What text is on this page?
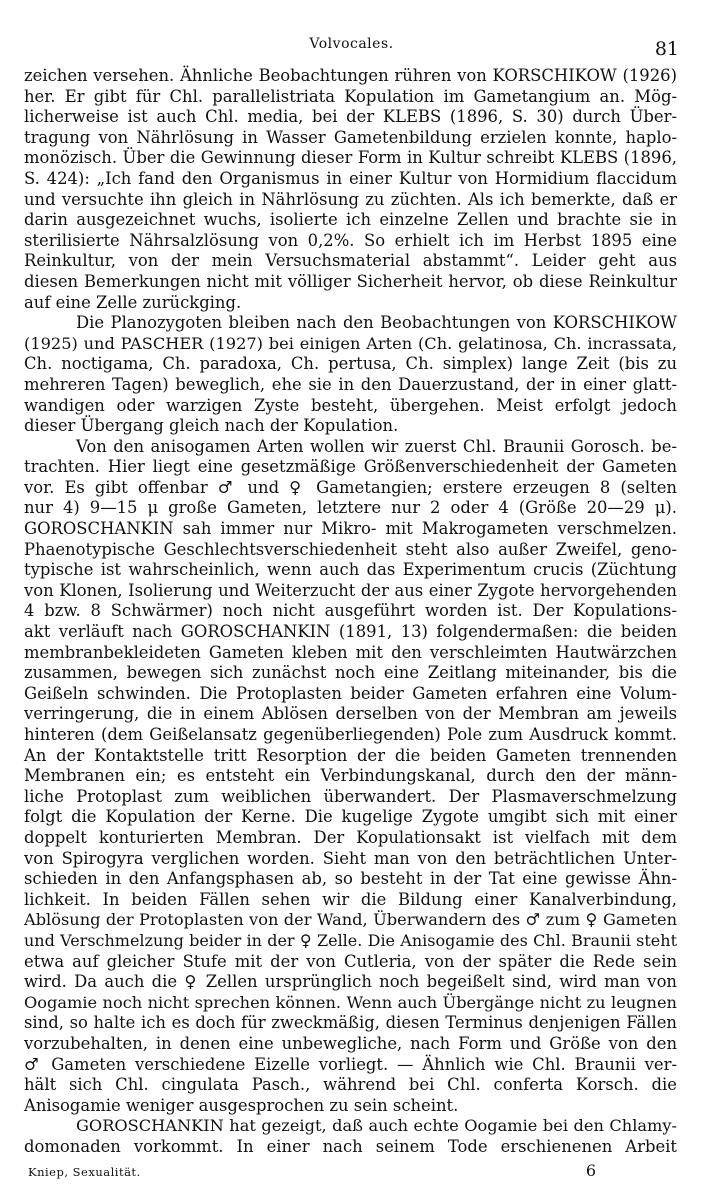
Volvocales.	81
zeichen versehen. Ähnliche Beobachtungen rühren von KORSCHIKOW (1926)
her. Er gibt für Chl. parallelistriata Kopulation im Gametangium an. Mög-
licherweise ist auch Chl. media, bei der KLEBS (1896, S. 30) durch Über-
tragung von Nährlösung in Wasser Gametenbildung erzielen konnte, haplo-
monözisch. Über die Gewinnung dieser Form in Kultur schreibt KLEBS (1896,
S. 424): „Ich fand den Organismus in einer Kultur von Hormidium flaccidum
und versuchte ihn gleich in Nährlösung zu züchten. Als ich bemerkte, daß er
darin ausgezeichnet wuchs, isolierte ich einzelne Zellen und brachte sie in
sterilisierte Nährsalzlösung von 0,2%. So erhielt ich im Herbst 1895 eine
Reinkultur, von der mein Versuchsmaterial abstammt“. Leider geht aus
diesen Bemerkungen nicht mit völliger Sicherheit hervor, ob diese Reinkultur
auf eine Zelle zurückging.
Die Planozygoten bleiben nach den Beobachtungen von KORSCHIKOW
(1925) und PASCHER (1927) bei einigen Arten (Ch. gelatinosa, Ch. incrassata,
Ch. noctigama, Ch. paradoxa, Ch. pertusa, Ch. simplex) lange Zeit (bis zu
mehreren Tagen) beweglich, ehe sie in den Dauerzustand, der in einer glatt-
wandigen oder warzigen Zyste besteht, übergehen. Meist erfolgt jedoch
dieser Übergang gleich nach der Kopulation.
Von den anisogamen Arten wollen wir zuerst Chl. Braunii Gorosch. be-
trachten. Hier liegt eine gesetzmäßige Größenverschiedenheit der Gameten
vor. Es gibt offenbar ♂ und ♀ Gametangien; erstere erzeugen 8 (selten
nur 4) 9—15 μ große Gameten, letztere nur 2 oder 4 (Größe 20—29 μ).
GOROSCHANKIN sah immer nur Mikro- mit Makrogameten verschmelzen.
Phaenotypische Geschlechtsverschiedenheit steht also außer Zweifel, geno-
typische ist wahrscheinlich, wenn auch das Experimentum crucis (Züchtung
von Klonen, Isolierung und Weiterzucht der aus einer Zygote hervorgehenden
4 bzw. 8 Schwärmer) noch nicht ausgeführt worden ist. Der Kopulations-
akt verläuft nach GOROSCHANKIN (1891, 13) folgendermaßen: die beiden
membranbekleideten Gameten kleben mit den verschleimten Hautwärzchen
zusammen, bewegen sich zunächst noch eine Zeitlang miteinander, bis die
Geißeln schwinden. Die Protoplasten beider Gameten erfahren eine Volum-
verringerung, die in einem Ablösen derselben von der Membran am jeweils
hinteren (dem Geißelansatz gegenüberliegenden) Pole zum Ausdruck kommt.
An der Kontaktstelle tritt Resorption der die beiden Gameten trennenden
Membranen ein; es entsteht ein Verbindungskanal, durch den der männ-
liche Protoplast zum weiblichen überwandert. Der Plasmaverschmelzung
folgt die Kopulation der Kerne. Die kugelige Zygote umgibt sich mit einer
doppelt konturierten Membran. Der Kopulationsakt ist vielfach mit dem
von Spirogyra verglichen worden. Sieht man von den beträchtlichen Unter-
schieden in den Anfangsphasen ab, so besteht in der Tat eine gewisse Ähn-
lichkeit. In beiden Fällen sehen wir die Bildung einer Kanalverbindung,
Ablösung der Protoplasten von der Wand, Überwandern des ♂ zum ♀ Gameten
und Verschmelzung beider in der ♀ Zelle. Die Anisogamie des Chl. Braunii steht
etwa auf gleicher Stufe mit der von Cutleria, von der später die Rede sein
wird. Da auch die ♀ Zellen ursprünglich noch begeißelt sind, wird man von
Oogamie noch nicht sprechen können. Wenn auch Übergänge nicht zu leugnen
sind, so halte ich es doch für zweckmäßig, diesen Terminus denjenigen Fällen
vorzubehalten, in denen eine unbewegliche, nach Form und Größe von den
♂ Gameten verschiedene Eizelle vorliegt. — Ähnlich wie Chl. Braunii ver-
hält sich Chl. cingulata Pasch., während bei Chl. conferta Korsch. die
Anisogamie weniger ausgesprochen zu sein scheint.
GOROSCHANKIN hat gezeigt, daß auch echte Oogamie bei den Chlamy-
domonaden vorkommt. In einer nach seinem Tode erschienenen Arbeit
Kniep, Sexualität.	6
